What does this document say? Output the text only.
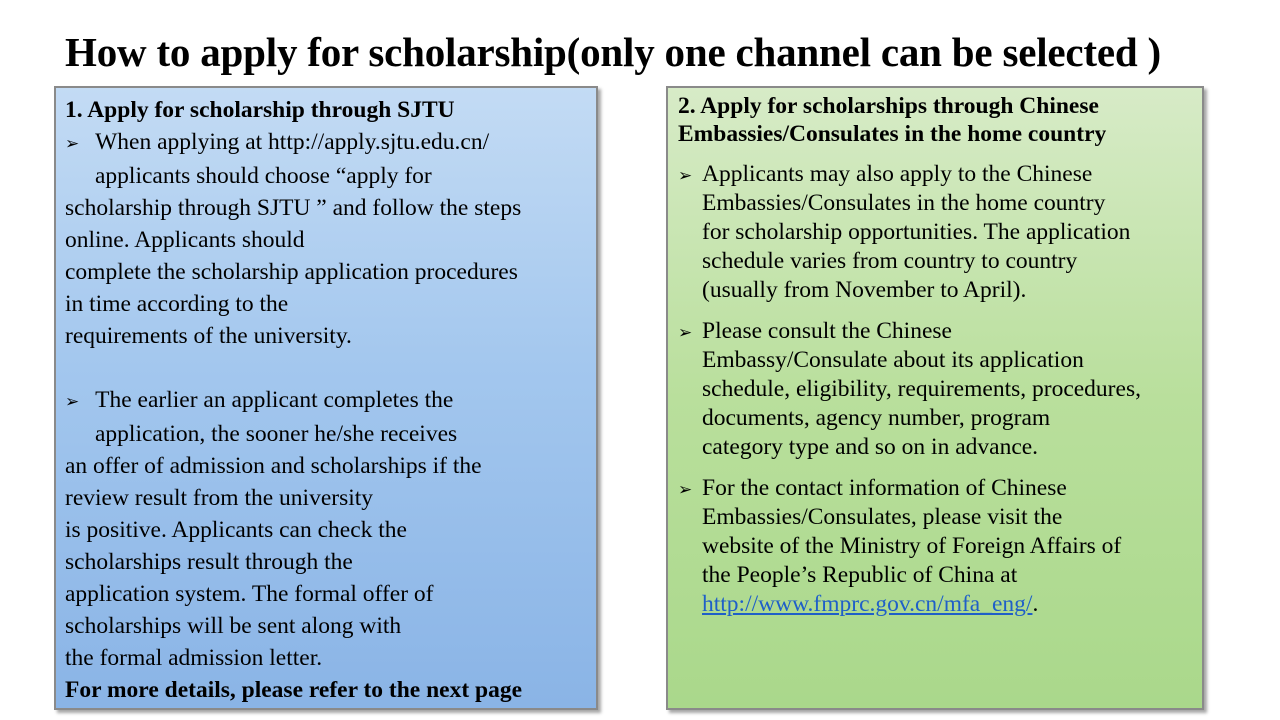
How to apply for scholarship(only one channel can be selected )
1. Apply for scholarship through SJTU
➢ When applying at http://apply.sjtu.edu.cn/
applicants should choose “apply for
scholarship through SJTU ” and follow the steps
online. Applicants should
complete the scholarship application procedures
in time according to the
requirements of the university.
➢ The earlier an applicant completes the
application, the sooner he/she receives
an offer of admission and scholarships if the
review result from the university
is positive. Applicants can check the
scholarships result through the
application system. The formal offer of
scholarships will be sent along with
the formal admission letter.
For more details, please refer to the next page
2. Apply for scholarships through Chinese
Embassies/Consulates in the home country
➢ Applicants may also apply to the Chinese
Embassies/Consulates in the home country
for scholarship opportunities. The application
schedule varies from country to country
(usually from November to April).
➢ Please consult the Chinese
Embassy/Consulate about its application
schedule, eligibility, requirements, procedures,
documents, agency number, program
category type and so on in advance.
➢ For the contact information of Chinese
Embassies/Consulates, please visit the
website of the Ministry of Foreign Affairs of
the People’s Republic of China at
http://www.fmprc.gov.cn/mfa_eng/.
